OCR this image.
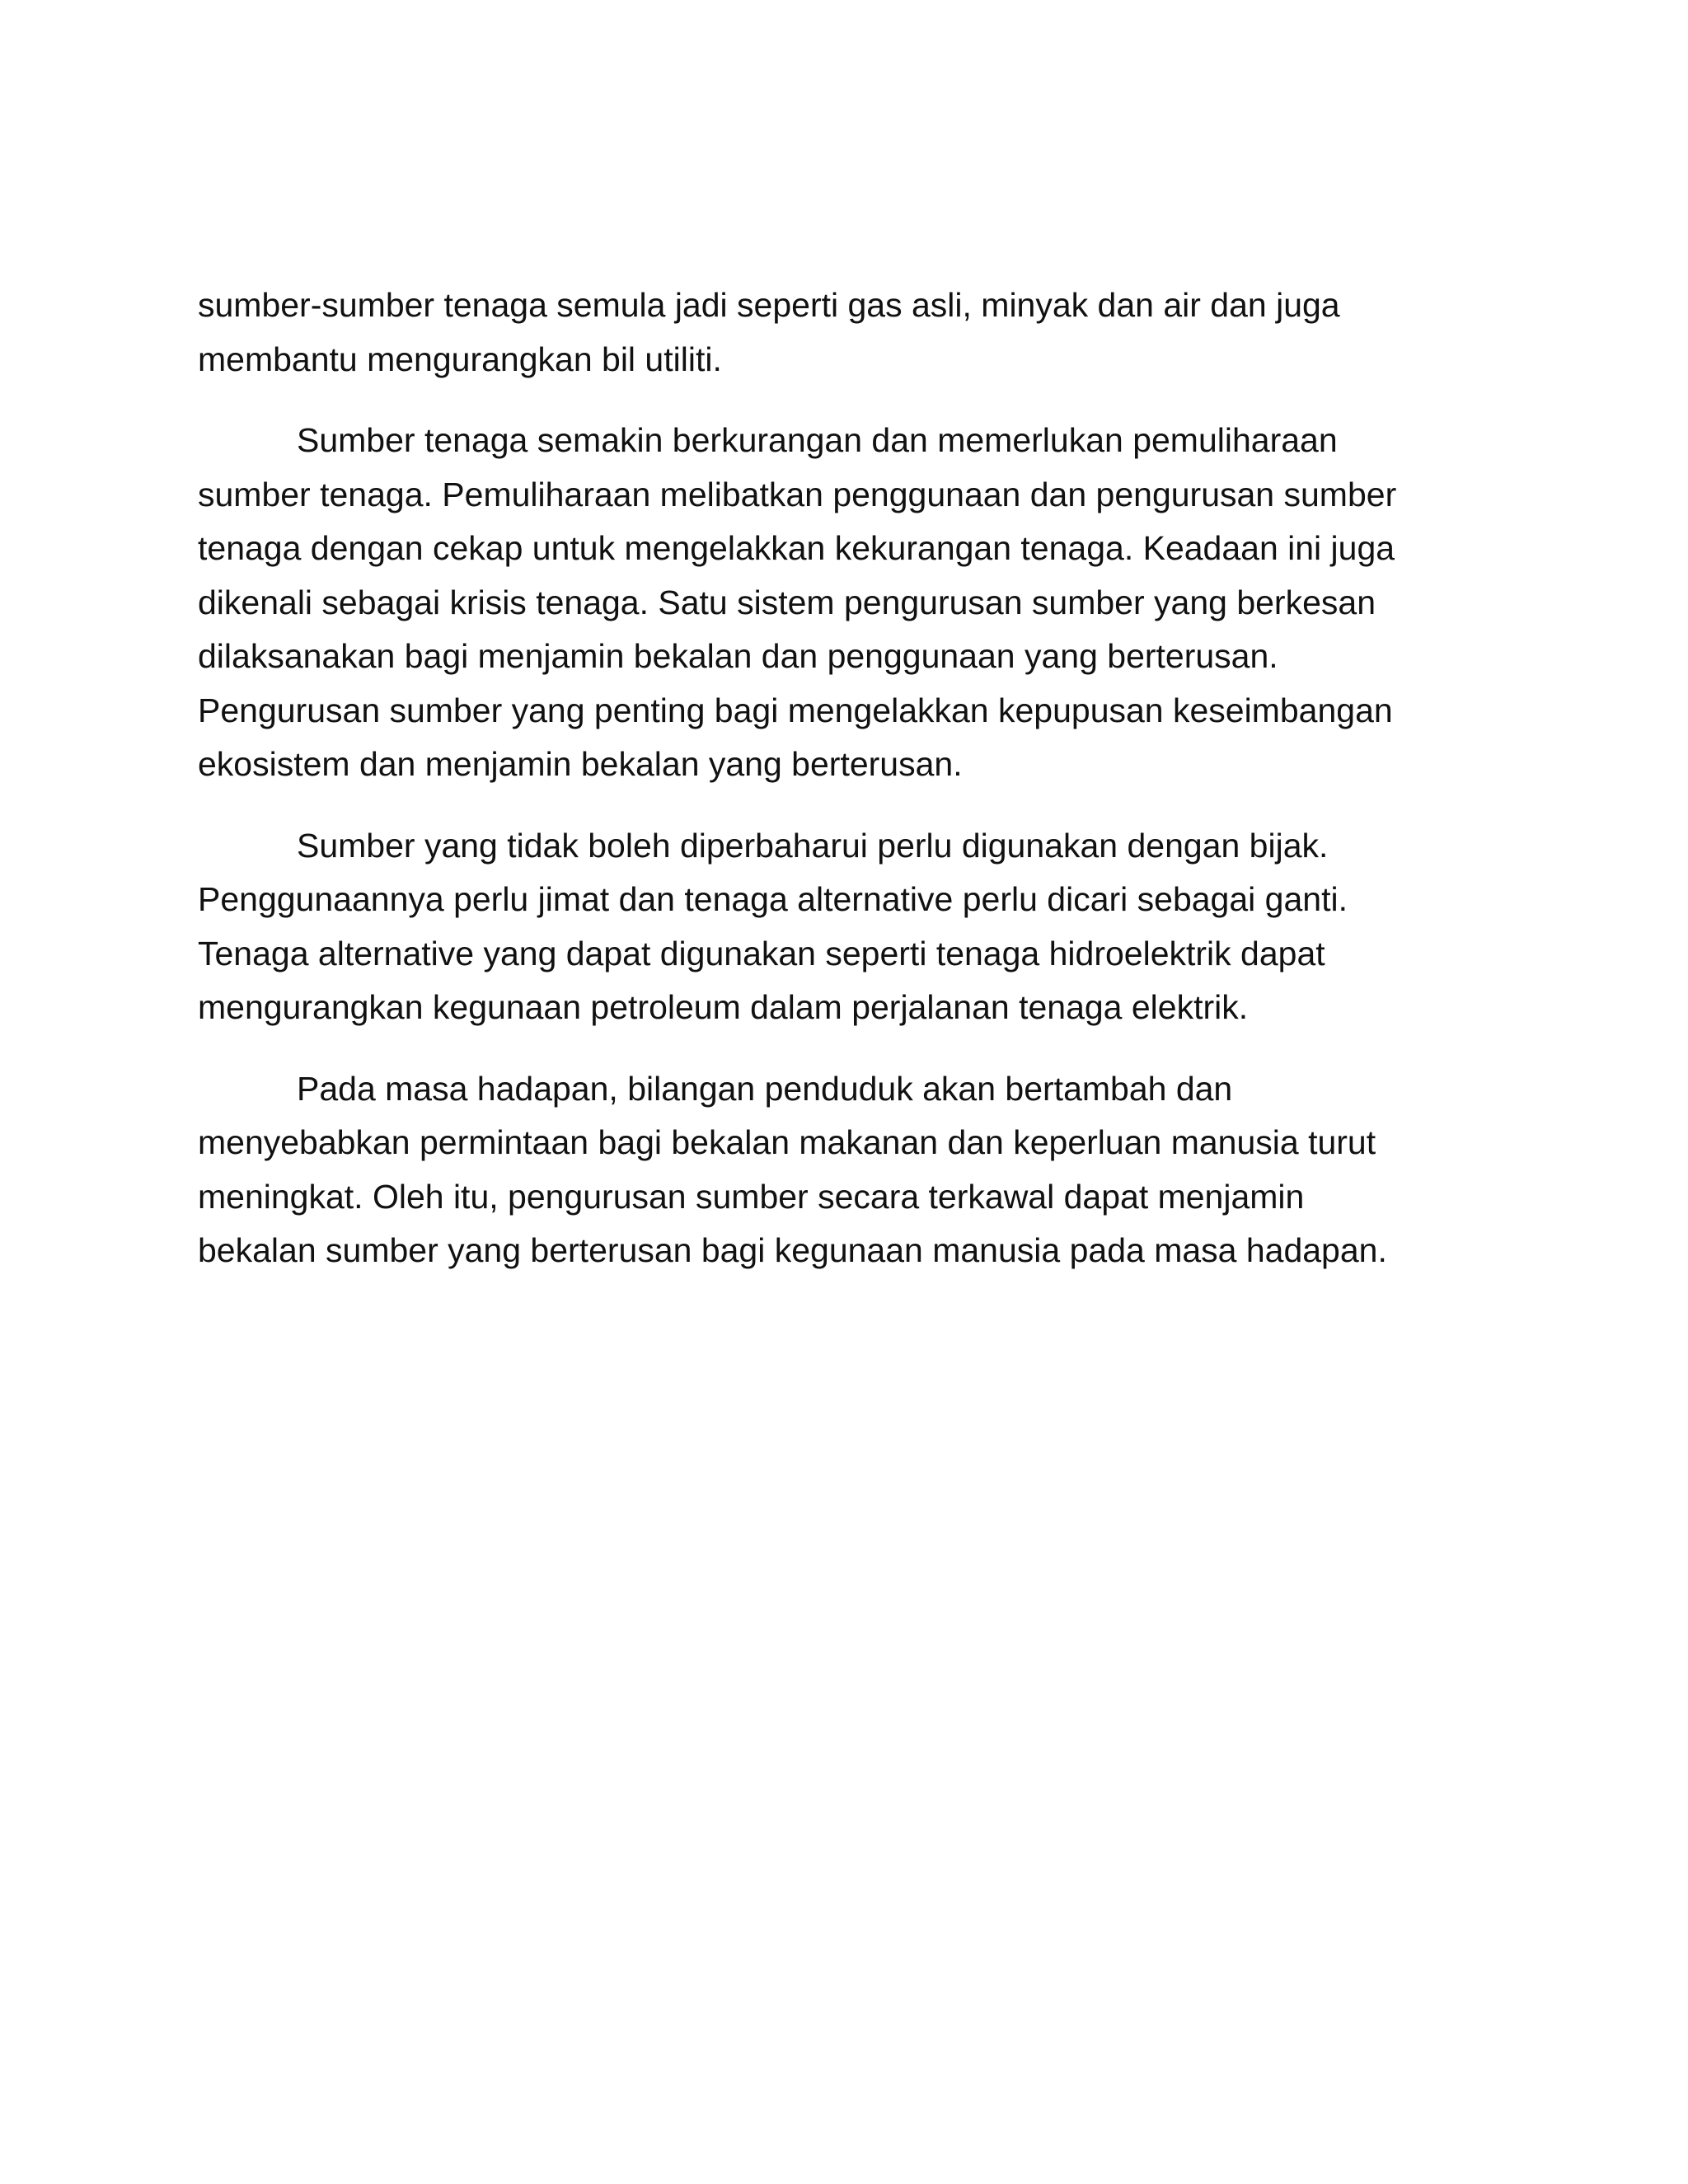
sumber-sumber tenaga semula jadi seperti gas asli, minyak dan air dan juga
membantu mengurangkan bil utiliti.

Sumber tenaga semakin berkurangan dan memerlukan pemuliharaan
sumber tenaga. Pemuliharaan melibatkan penggunaan dan pengurusan sumber
tenaga dengan cekap untuk mengelakkan kekurangan tenaga. Keadaan ini juga
dikenali sebagai krisis tenaga. Satu sistem pengurusan sumber yang berkesan
dilaksanakan bagi menjamin bekalan dan penggunaan yang berterusan.
Pengurusan sumber yang penting bagi mengelakkan kepupusan keseimbangan
ekosistem dan menjamin bekalan yang berterusan.

Sumber yang tidak boleh diperbaharui perlu digunakan dengan bijak.
Penggunaannya perlu jimat dan tenaga alternative perlu dicari sebagai ganti.
Tenaga alternative yang dapat digunakan seperti tenaga hidroelektrik dapat
mengurangkan kegunaan petroleum dalam perjalanan tenaga elektrik.

Pada masa hadapan, bilangan penduduk akan bertambah dan
menyebabkan permintaan bagi bekalan makanan dan keperluan manusia turut
meningkat. Oleh itu, pengurusan sumber secara terkawal dapat menjamin
bekalan sumber yang berterusan bagi kegunaan manusia pada masa hadapan.
